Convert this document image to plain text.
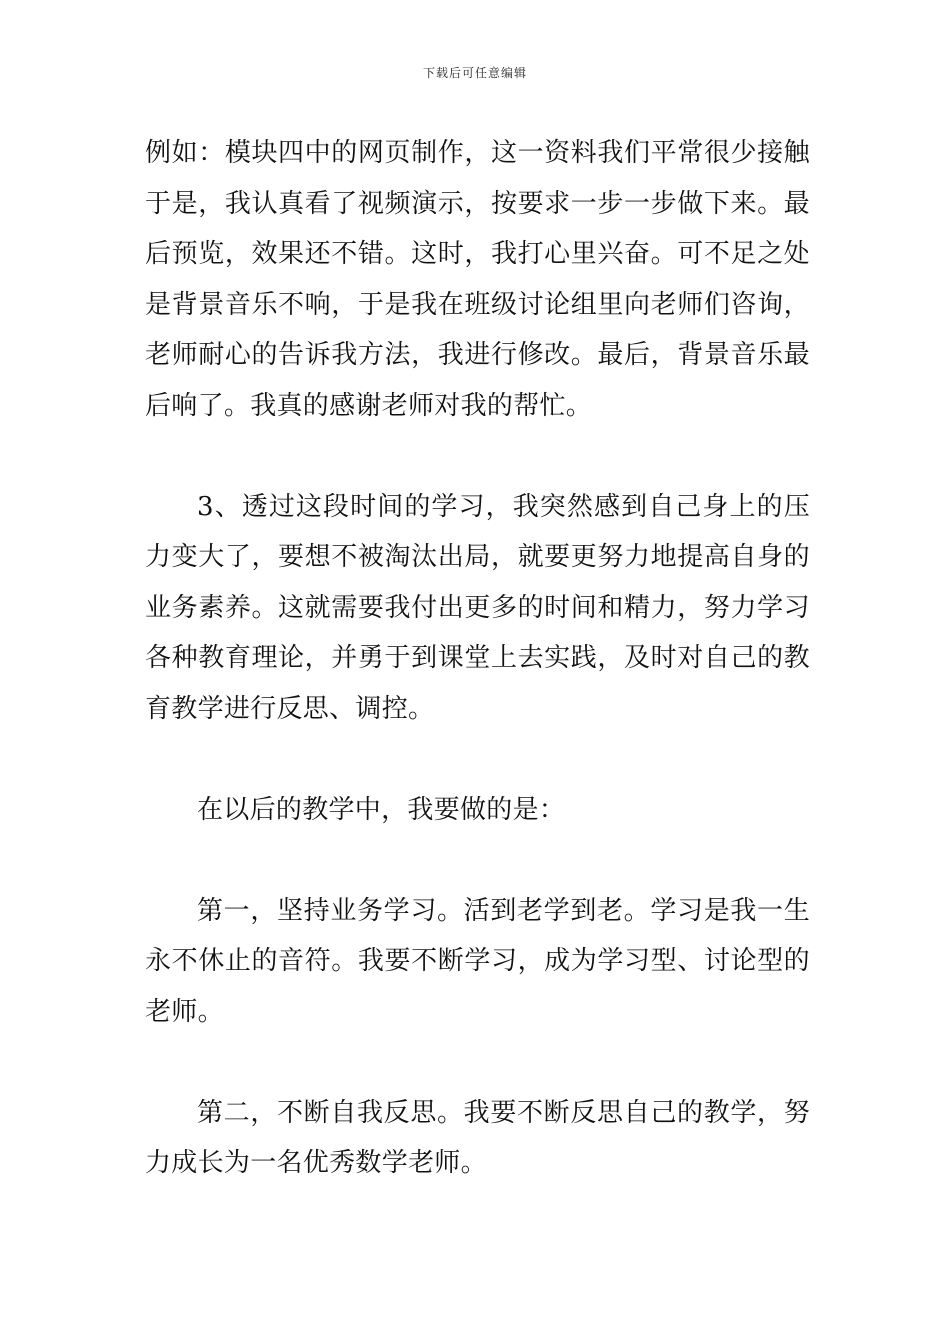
下载后可任意编辑

例如：模块四中的网页制作，这一资料我们平常很少接触于是，我认真看了视频演示，按要求一步一步做下来。最后预览，效果还不错。这时，我打心里兴奋。可不足之处是背景音乐不响，于是我在班级讨论组里向老师们咨询，老师耐心的告诉我方法，我进行修改。最后，背景音乐最后响了。我真的感谢老师对我的帮忙。

3、透过这段时间的学习，我突然感到自己身上的压力变大了，要想不被淘汰出局，就要更努力地提高自身的业务素养。这就需要我付出更多的时间和精力，努力学习各种教育理论，并勇于到课堂上去实践，及时对自己的教育教学进行反思、调控。

在以后的教学中，我要做的是：

第一，坚持业务学习。活到老学到老。学习是我一生永不休止的音符。我要不断学习，成为学习型、讨论型的老师。

第二，不断自我反思。我要不断反思自己的教学，努力成长为一名优秀数学老师。
